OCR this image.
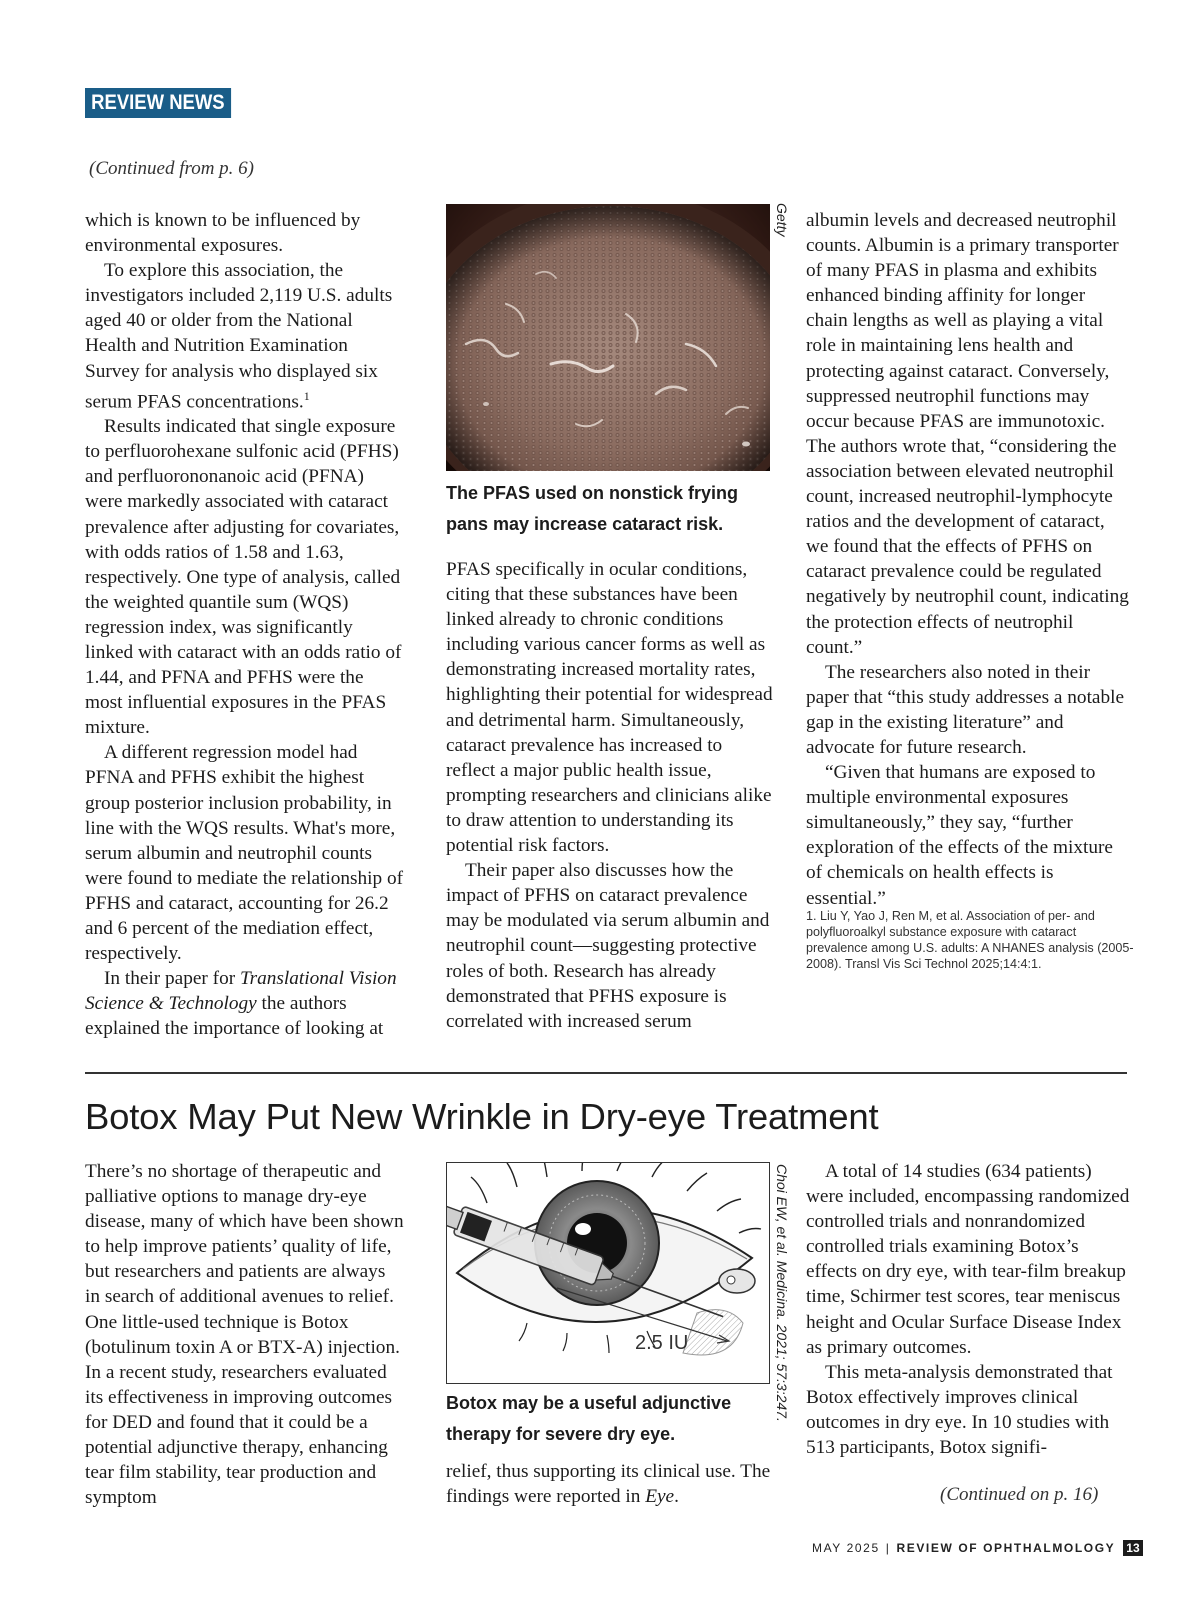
REVIEW NEWS
(Continued from p. 6)

which is known to be influenced by environmental exposures.

To explore this association, the investigators included 2,119 U.S. adults aged 40 or older from the National Health and Nutrition Examination Survey for analysis who displayed six serum PFAS concentrations.$^1$

Results indicated that single exposure to perfluorohexane sulfonic acid (PFHS) and perfluorononanoic acid (PFNA) were markedly associated with cataract prevalence after adjusting for covariates, with odds ratios of 1.58 and 1.63, respectively. One type of analysis, called the weighted quantile sum (WQS) regression index, was significantly linked with cataract with an odds ratio of 1.44, and PFNA and PFHS were the most influential exposures in the PFAS mixture.

A different regression model had PFNA and PFHS exhibit the highest group posterior inclusion probability, in line with the WQS results. What's more, serum albumin and neutrophil counts were found to mediate the relationship of PFHS and cataract, accounting for 26.2 and 6 percent of the mediation effect, respectively.

In their paper for Translational Vision Science & Technology the authors explained the importance of looking at

Getty
The PFAS used on nonstick frying pans may increase cataract risk.

PFAS specifically in ocular conditions, citing that these substances have been linked already to chronic conditions including various cancer forms as well as demonstrating increased mortality rates, highlighting their potential for widespread and detrimental harm. Simultaneously, cataract prevalence has increased to reflect a major public health issue, prompting researchers and clinicians alike to draw attention to understanding its potential risk factors.

Their paper also discusses how the impact of PFHS on cataract prevalence may be modulated via serum albumin and neutrophil count—suggesting protective roles of both. Research has already demonstrated that PFHS exposure is correlated with increased serum

albumin levels and decreased neutrophil counts. Albumin is a primary transporter of many PFAS in plasma and exhibits enhanced binding affinity for longer chain lengths as well as playing a vital role in maintaining lens health and protecting against cataract. Conversely, suppressed neutrophil functions may occur because PFAS are immunotoxic. The authors wrote that, “considering the association between elevated neutrophil count, increased neutrophil-lymphocyte ratios and the development of cataract, we found that the effects of PFHS on cataract prevalence could be regulated negatively by neutrophil count, indicating the protection effects of neutrophil count.”

The researchers also noted in their paper that “this study addresses a notable gap in the existing literature” and advocate for future research.

“Given that humans are exposed to multiple environmental exposures simultaneously,” they say, “further exploration of the effects of the mixture of chemicals on health effects is essential.”

1. Liu Y, Yao J, Ren M, et al. Association of per- and polyfluoroalkyl substance exposure with cataract prevalence among U.S. adults: A NHANES analysis (2005-2008). Transl Vis Sci Technol 2025;14:4:1.
Botox May Put New Wrinkle in Dry-eye Treatment

There’s no shortage of therapeutic and palliative options to manage dry-eye disease, many of which have been shown to help improve patients’ quality of life, but researchers and patients are always in search of additional avenues to relief. One little-used technique is Botox (botulinum toxin A or BTX-A) injection. In a recent study, researchers evaluated its effectiveness in improving outcomes for DED and found that it could be a potential adjunctive therapy, enhancing tear film stability, tear production and symptom

2.5 IU	Choi EW, et al. Medicina. 2021; 57:3:247.
Botox may be a useful adjunctive therapy for severe dry eye.

relief, thus supporting its clinical use. The findings were reported in Eye.

A total of 14 studies (634 patients) were included, encompassing randomized controlled trials and nonrandomized controlled trials examining Botox’s effects on dry eye, with tear-film breakup time, Schirmer test scores, tear meniscus height and Ocular Surface Disease Index as primary outcomes.

This meta-analysis demonstrated that Botox effectively improves clinical outcomes in dry eye. In 10 studies with 513 participants, Botox signifi-

(Continued on p. 16)
MAY 2025 | REVIEW OF OPHTHALMOLOGY 13
